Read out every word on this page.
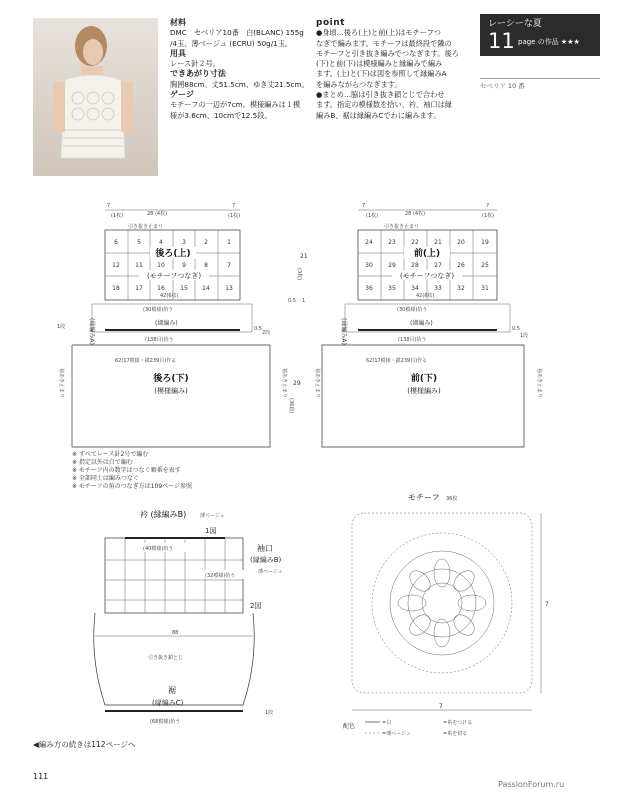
材料
DMC　セベリア10番　白(BLANC) 155g
/4玉、薄ベージュ (ECRU) 50g/1玉。
用具
レース針２号。
できあがり寸法
胸囲88cm、丈51.5cm、ゆき丈21.5cm。
ゲージ
モチーフの一辺が7cm。模様編みは１模
様が3.6cm、10cmで12.5段。
point
●身頃…後ろ(上)と前(上)はモチーフつ
なぎで編みます。モチーフは最終段で隣の
モチーフと引き抜き編みでつなぎます。後ろ
(下)と前(下)は模様編みと縁編みで編み
ます。(上)と(下)は図を参照して縁編みA
を編みながらつなぎます。
●まとめ…脇は引き抜き鎖とじで合わせ
ます。指定の模様数を拾い、衿、袖口は縁
編みB、裾は縁編みCでわに編みます。
レーシーな夏
11 page の作品 ★★★
セベリア 10 番
7
(1枚)	28 (4枚)
7
(1枚)
引き抜き止まり
6	5	4	3	2	1
12	11 10	9	8	7
18	17 16	15 14	13
後ろ(上)
(モチーフつなぎ)
42(6枚)
(30模様)拾う
(細編み)
(138目)拾う
(縁編みA)	0.5
2段
1段
62(17模様・鎖239目)作る
後ろ(下)
(模様編み)
袖あき止まり	袖あき止まり 29
(36段)
7
(1枚)	28 (4枚)
7
(1枚)
引き抜き止まり
24	23	22	21	20	19
30	29	28	27	26	25
36	35	34	33	32	31
前(上)
(モチーフつなぎ)
42(6枚)
21
(3枚)
0.5 1
(30模様)拾う
(細編み)
(138目)拾う
(縁編みA)	0.5
1段
62(17模様・鎖239目)作る
前(下)
(模様編み)
袖あき止まり	袖あき止まり
衿 (縁編みB)	薄ベージュ
1図
(40模様)拾う	袖口
(縁編みB)
薄ベージュ
(32模様)拾う
2図
88
引き抜き鎖とじ
裾
(縁編みC)
(68模様)拾う
1段
モチーフ 36枚
7
7
配色	=白
=薄ベージュ
=糸をつける
=糸を切る
※ すべてレース針2号で編む
※ 指定以外は白で編む
※ モチーフ内の数字はつなぐ順番を表す
※ 全部同士は編みつなぐ
※ モチーフの角のつなぎ方は109ページ参照
◀編み方の続きは112ページへ
111
PassionForum.ru
